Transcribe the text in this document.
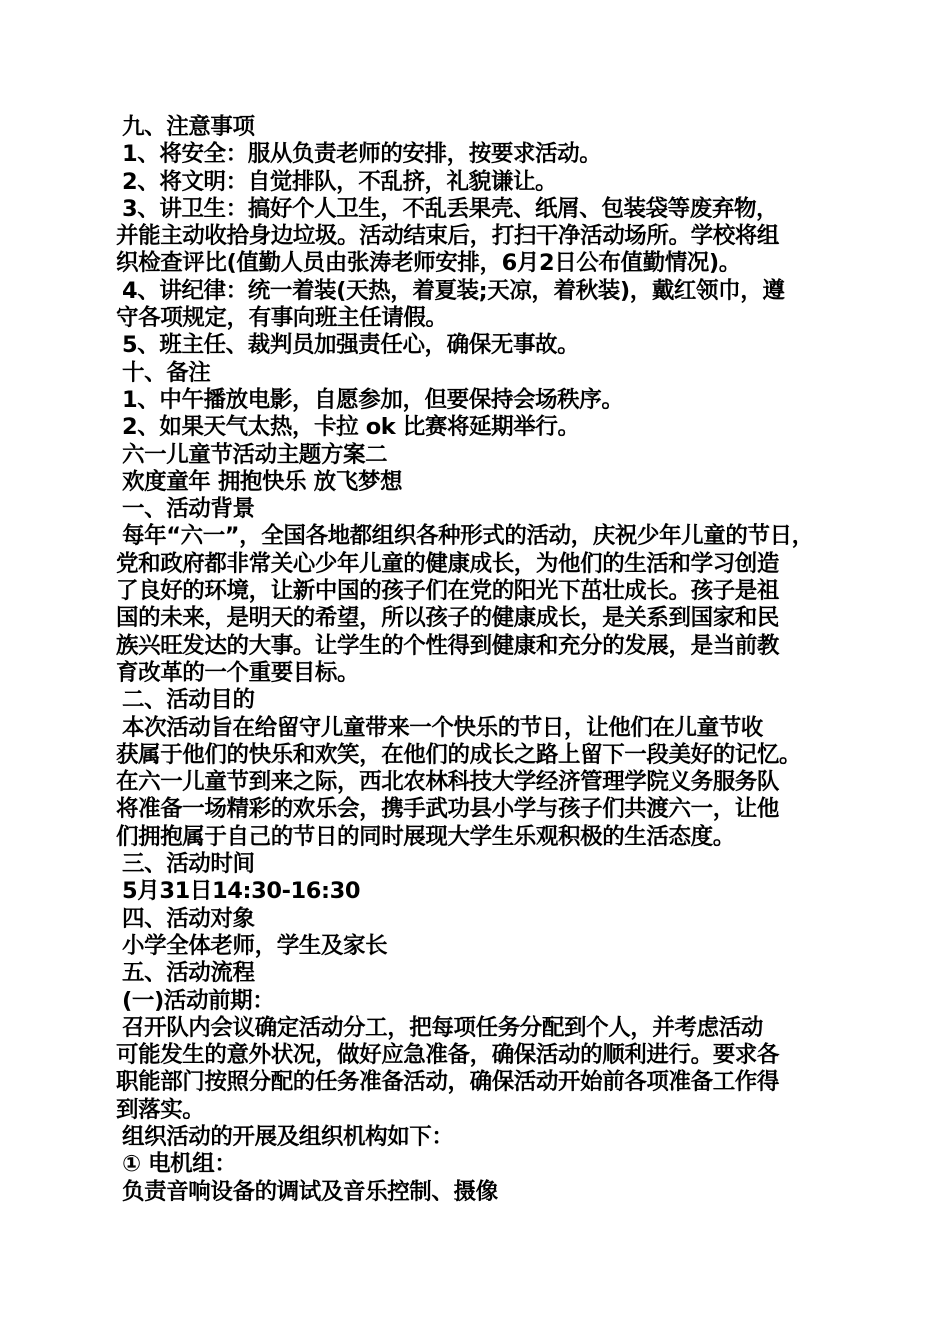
九、注意事项
1、将安全：服从负责老师的安排，按要求活动。
2、将文明：自觉排队，不乱挤，礼貌谦让。
3、讲卫生：搞好个人卫生，不乱丢果壳、纸屑、包装袋等废弃物，
并能主动收拾身边垃圾。活动结束后，打扫干净活动场所。学校将组
织检查评比(值勤人员由张涛老师安排，6月2日公布值勤情况)。
4、讲纪律：统一着装(天热，着夏装;天凉，着秋装)，戴红领巾，遵
守各项规定，有事向班主任请假。
5、班主任、裁判员加强责任心，确保无事故。
十、备注
1、中午播放电影，自愿参加，但要保持会场秩序。
2、如果天气太热，卡拉 ok 比赛将延期举行。
六一儿童节活动主题方案二
欢度童年 拥抱快乐 放飞梦想
一、活动背景
每年“六一”，全国各地都组织各种形式的活动，庆祝少年儿童的节日，
党和政府都非常关心少年儿童的健康成长，为他们的生活和学习创造
了良好的环境，让新中国的孩子们在党的阳光下茁壮成长。孩子是祖
国的未来，是明天的希望，所以孩子的健康成长，是关系到国家和民
族兴旺发达的大事。让学生的个性得到健康和充分的发展，是当前教
育改革的一个重要目标。
二、活动目的
本次活动旨在给留守儿童带来一个快乐的节日，让他们在儿童节收
获属于他们的快乐和欢笑，在他们的成长之路上留下一段美好的记忆。
在六一儿童节到来之际，西北农林科技大学经济管理学院义务服务队
将准备一场精彩的欢乐会，携手武功县小学与孩子们共渡六一，让他
们拥抱属于自己的节日的同时展现大学生乐观积极的生活态度。
三、活动时间
5月31日14:30-16:30
四、活动对象
小学全体老师，学生及家长
五、活动流程
(一)活动前期：
召开队内会议确定活动分工，把每项任务分配到个人，并考虑活动
可能发生的意外状况，做好应急准备，确保活动的顺利进行。要求各
职能部门按照分配的任务准备活动，确保活动开始前各项准备工作得
到落实。
组织活动的开展及组织机构如下：
① 电机组：
负责音响设备的调试及音乐控制、摄像
